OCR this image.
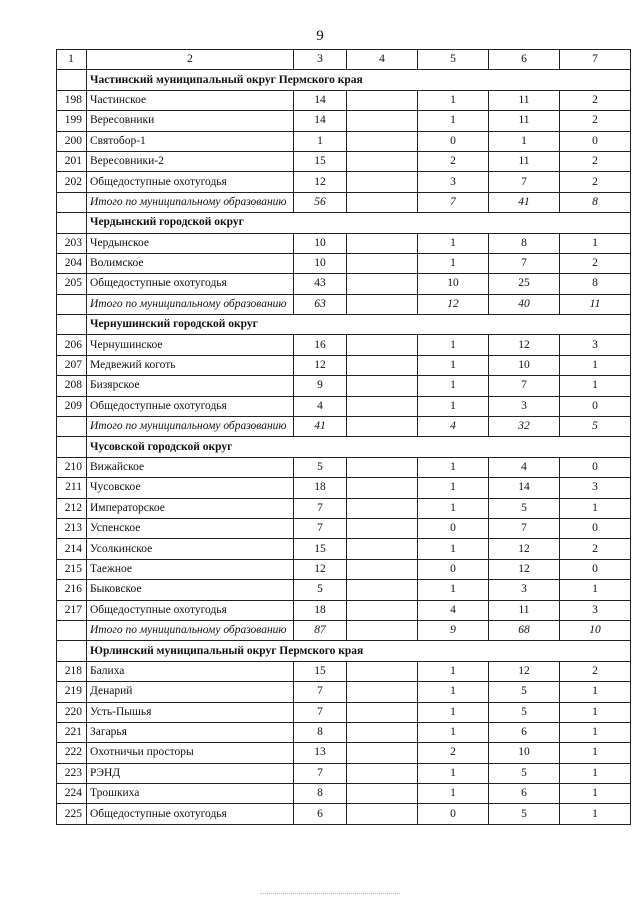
9
1	2	3	4	5	6	7
	Частинский муниципальный округ Пермского края					
198	Частинское	14		1	11	2
199	Вересовники	14		1	11	2
200	Святобор-1	1		0	1	0
201	Вересовники-2	15		2	11	2
202	Общедоступные охотугодья	12		3	7	2
	Итого по муниципальному образованию	56		7	41	8
	Чердынский городской округ					
203	Чердынское	10		1	8	1
204	Волимское	10		1	7	2
205	Общедоступные охотугодья	43		10	25	8
	Итого по муниципальному образованию	63		12	40	11
	Чернушинский городской округ					
206	Чернушинское	16		1	12	3
207	Медвежий коготь	12		1	10	1
208	Бизярское	9		1	7	1
209	Общедоступные охотугодья	4		1	3	0
	Итого по муниципальному образованию	41		4	32	5
	Чусовской городской округ					
210	Вижайское	5		1	4	0
211	Чусовское	18		1	14	3
212	Императорское	7		1	5	1
213	Успенское	7		0	7	0
214	Усолкинское	15		1	12	2
215	Таежное	12		0	12	0
216	Быковское	5		1	3	1
217	Общедоступные охотугодья	18		4	11	3
	Итого по муниципальному образованию	87		9	68	10
	Юрлинский муниципальный округ Пермского края					
218	Балиха	15		1	12	2
219	Денарий	7		1	5	1
220	Усть-Пышья	7		1	5	1
221	Загарья	8		1	6	1
222	Охотничьи просторы	13		2	10	1
223	РЭНД	7		1	5	1
224	Трошкиха	8		1	6	1
225	Общедоступные охотугодья	6		0	5	1
